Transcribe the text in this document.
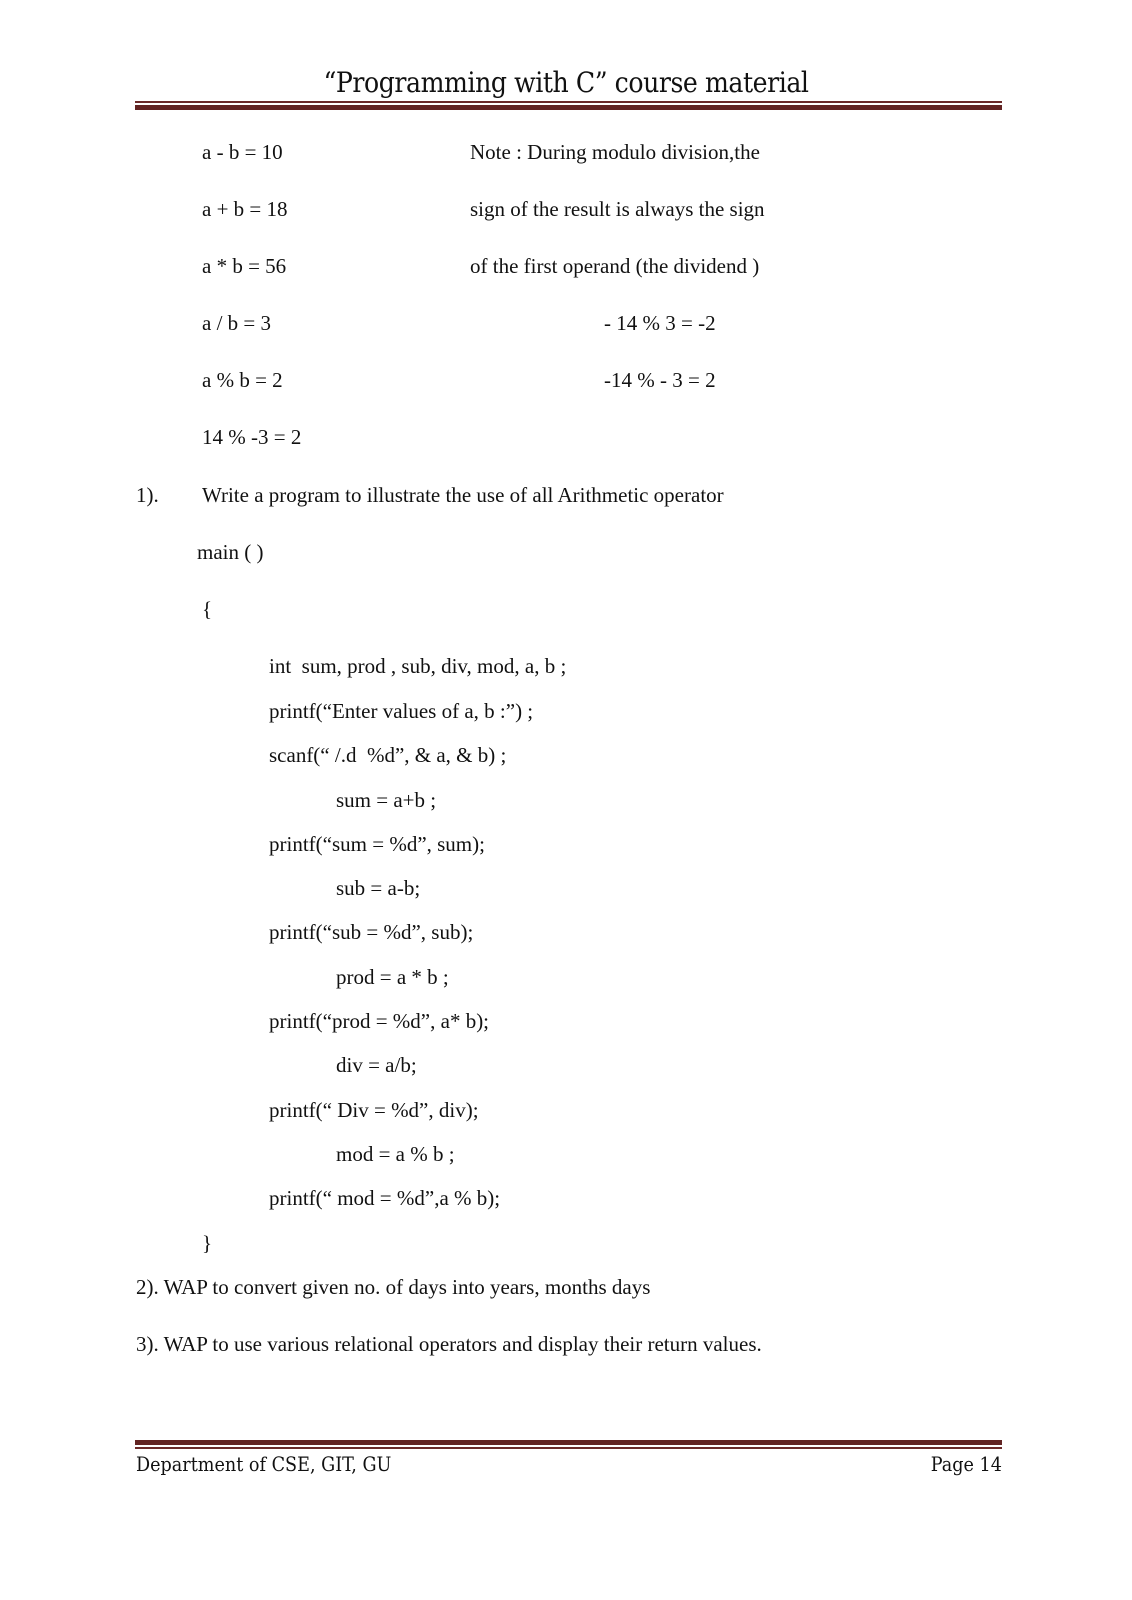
“Programming with C” course material
a - b = 10
a + b = 18
a * b = 56
a / b = 3
a % b = 2
14 % -3 = 2
Note : During modulo division,the
sign of the result is always the sign
of the first operand (the dividend )
- 14 % 3 = -2
-14 % - 3 = 2
1). Write a program to illustrate the use of all Arithmetic operator
main ( )
{
int  sum, prod , sub, div, mod, a, b ;
printf(“Enter values of a, b :”) ;
scanf(“ /.d  %d”, & a, & b) ;
sum = a+b ;
printf(“sum = %d”, sum);
sub = a-b;
printf(“sub = %d”, sub);
prod = a * b ;
printf(“prod = %d”, a* b);
div = a/b;
printf(“ Div = %d”, div);
mod = a % b ;
printf(“ mod = %d”,a % b);
}
2). WAP to convert given no. of days into years, months days
3). WAP to use various relational operators and display their return values.
Department of CSE, GIT, GU	Page 14
